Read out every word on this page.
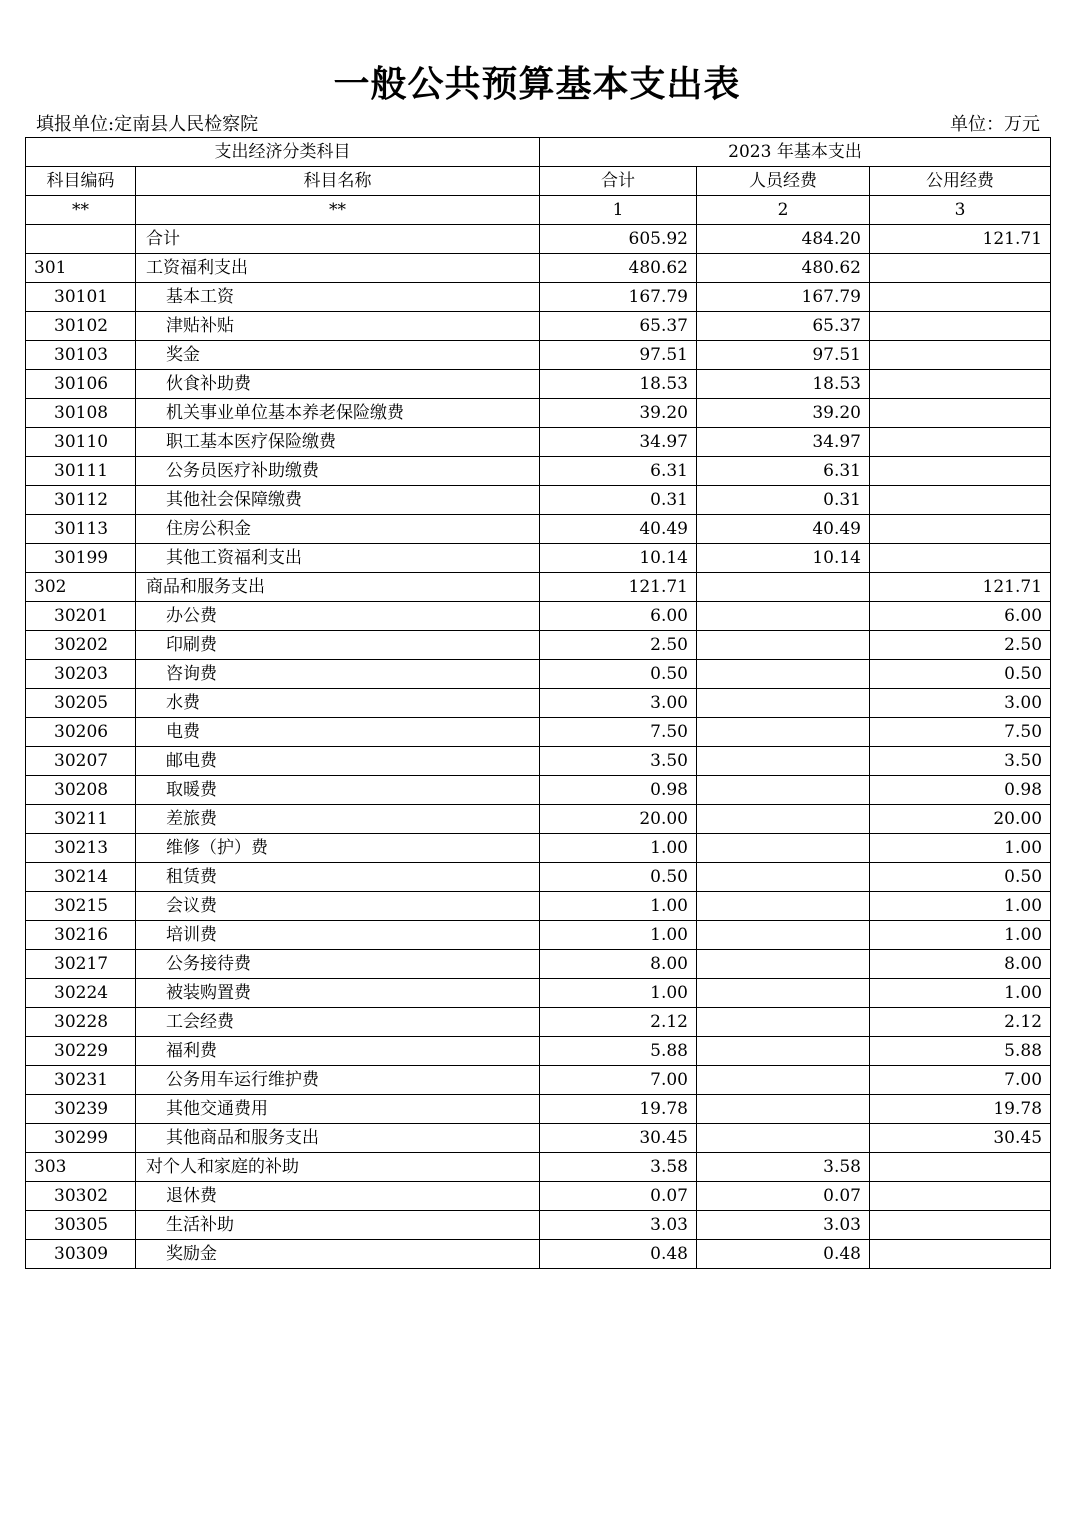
一般公共预算基本支出表
填报单位:定南县人民检察院	单位：万元
支出经济分类科目		2023 年基本支出		
科目编码	科目名称	合计	人员经费	公用经费
**	**	1	2	3
	合计	605.92	484.20	121.71
301	工资福利支出	480.62	480.62	
30101	基本工资	167.79	167.79	
30102	津贴补贴	65.37	65.37	
30103	奖金	97.51	97.51	
30106	伙食补助费	18.53	18.53	
30108	机关事业单位基本养老保险缴费	39.20	39.20	
30110	职工基本医疗保险缴费	34.97	34.97	
30111	公务员医疗补助缴费	6.31	6.31	
30112	其他社会保障缴费	0.31	0.31	
30113	住房公积金	40.49	40.49	
30199	其他工资福利支出	10.14	10.14	
302	商品和服务支出	121.71		121.71
30201	办公费	6.00		6.00
30202	印刷费	2.50		2.50
30203	咨询费	0.50		0.50
30205	水费	3.00		3.00
30206	电费	7.50		7.50
30207	邮电费	3.50		3.50
30208	取暖费	0.98		0.98
30211	差旅费	20.00		20.00
30213	维修（护）费	1.00		1.00
30214	租赁费	0.50		0.50
30215	会议费	1.00		1.00
30216	培训费	1.00		1.00
30217	公务接待费	8.00		8.00
30224	被装购置费	1.00		1.00
30228	工会经费	2.12		2.12
30229	福利费	5.88		5.88
30231	公务用车运行维护费	7.00		7.00
30239	其他交通费用	19.78		19.78
30299	其他商品和服务支出	30.45		30.45
303	对个人和家庭的补助	3.58	3.58	
30302	退休费	0.07	0.07	
30305	生活补助	3.03	3.03	
30309	奖励金	0.48	0.48	
